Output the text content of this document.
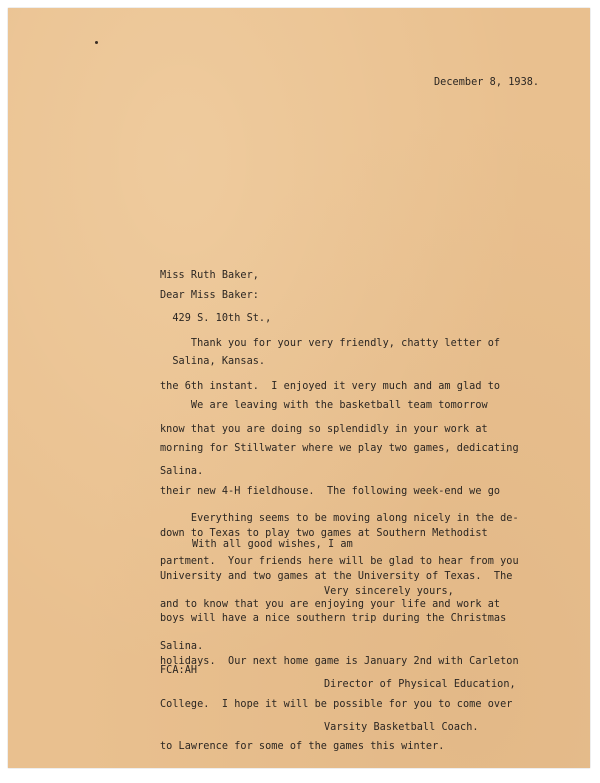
December 8, 1938.

Miss Ruth Baker,

429 S. 10th St.,

Salina, Kansas.

Dear Miss Baker:

Thank you for your very friendly, chatty letter of

the 6th instant.  I enjoyed it very much and am glad to

know that you are doing so splendidly in your work at

Salina.

We are leaving with the basketball team tomorrow

morning for Stillwater where we play two games, dedicating

their new 4-H fieldhouse.  The following week-end we go

down to Texas to play two games at Southern Methodist

University and two games at the University of Texas.  The

boys will have a nice southern trip during the Christmas

holidays.  Our next home game is January 2nd with Carleton

College.  I hope it will be possible for you to come over

to Lawrence for some of the games this winter.

Everything seems to be moving along nicely in the de-

partment.  Your friends here will be glad to hear from you

and to know that you are enjoying your life and work at

Salina.

With all good wishes, I am
Very sincerely yours,

Director of Physical Education,

Varsity Basketball Coach.

FCA:AH
